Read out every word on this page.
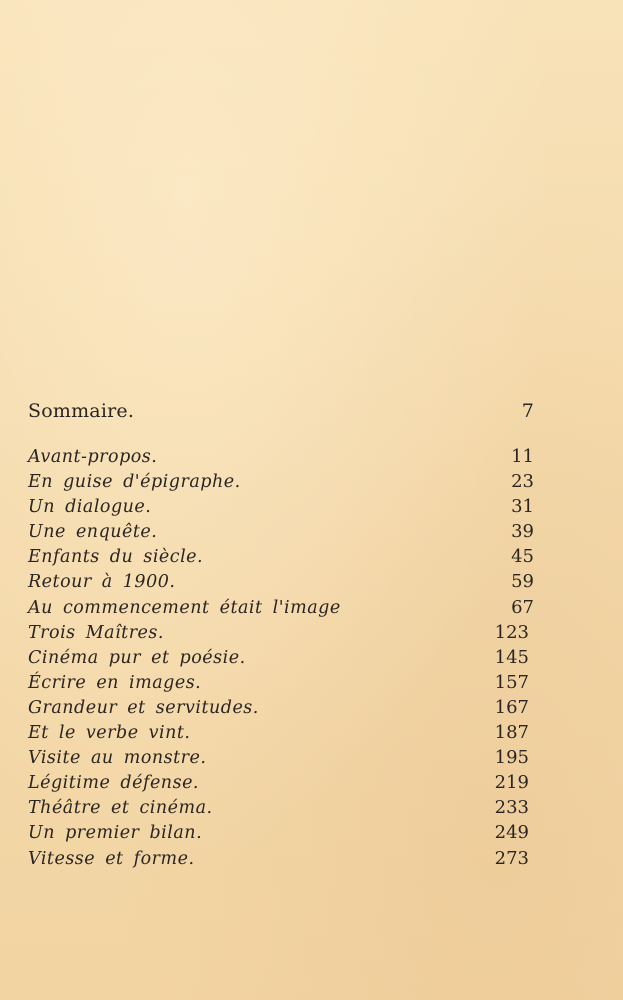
Sommaire.	7
Avant-propos.	11
En guise d'épigraphe.	23
Un dialogue.	31
Une enquête.	39
Enfants du siècle.	45
Retour à 1900.	59
Au commencement était l'image	67
Trois Maîtres.	123
Cinéma pur et poésie.	145
Écrire en images.	157
Grandeur et servitudes.	167
Et le verbe vint.	187
Visite au monstre.	195
Légitime défense.	219
Théâtre et cinéma.	233
Un premier bilan.	249
Vitesse et forme.	273
